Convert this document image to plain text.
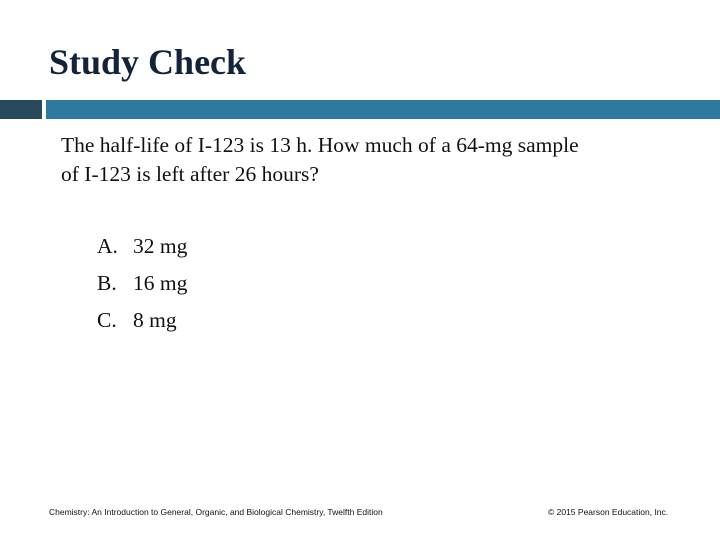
Study Check

The half-life of I-123 is 13 h. How much of a 64-mg sample

of I-123 is left after 26 hours?

A. 32 mg
B. 16 mg
C. 8 mg
Chemistry: An Introduction to General, Organic, and Biological Chemistry, Twelfth Edition	© 2015 Pearson Education, Inc.
